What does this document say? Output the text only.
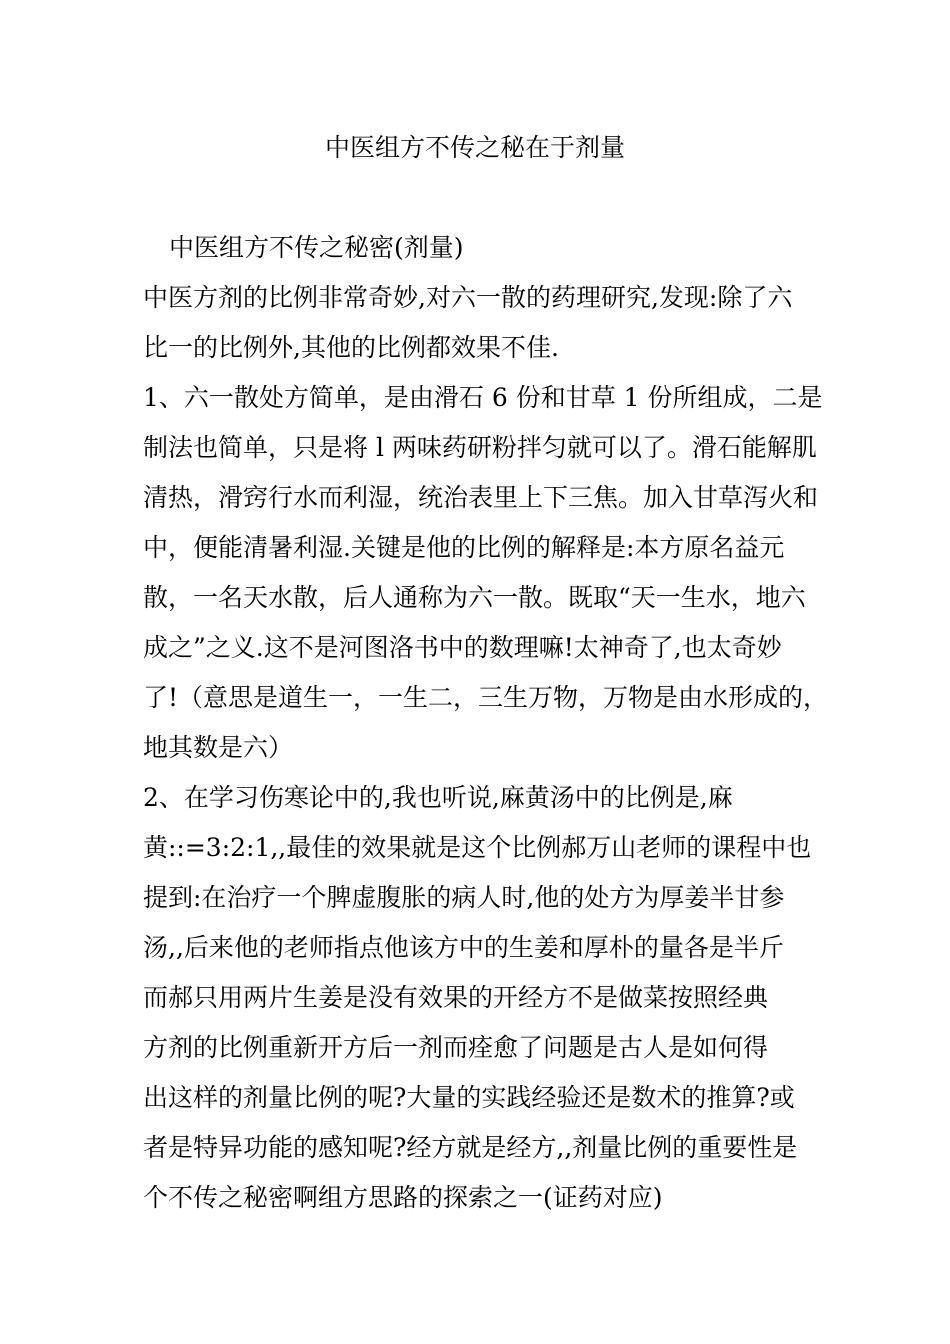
中医组方不传之秘在于剂量
中医组方不传之秘密(剂量)
中医方剂的比例非常奇妙,对六一散的药理研究,发现:除了六
比一的比例外,其他的比例都效果不佳.
1、六一散处方简单，是由滑石 6 份和甘草 1 份所组成，二是
制法也简单，只是将 l 两味药研粉拌匀就可以了。滑石能解肌
清热，滑窍行水而利湿，统治表里上下三焦。加入甘草泻火和
中，便能清暑利湿.关键是他的比例的解释是:本方原名益元
散，一名天水散，后人通称为六一散。既取“天一生水，地六
成之”之义.这不是河图洛书中的数理嘛!太神奇了,也太奇妙
了!（意思是道生一，一生二，三生万物，万物是由水形成的，
地其数是六）
2、在学习伤寒论中的,我也听说,麻黄汤中的比例是,麻
黄::=3:2:1,,最佳的效果就是这个比例郝万山老师的课程中也
提到:在治疗一个脾虚腹胀的病人时,他的处方为厚姜半甘参
汤,,后来他的老师指点他该方中的生姜和厚朴的量各是半斤
而郝只用两片生姜是没有效果的开经方不是做菜按照经典
方剂的比例重新开方后一剂而痊愈了问题是古人是如何得
出这样的剂量比例的呢?大量的实践经验还是数术的推算?或
者是特异功能的感知呢?经方就是经方,,剂量比例的重要性是
个不传之秘密啊组方思路的探索之一(证药对应)
